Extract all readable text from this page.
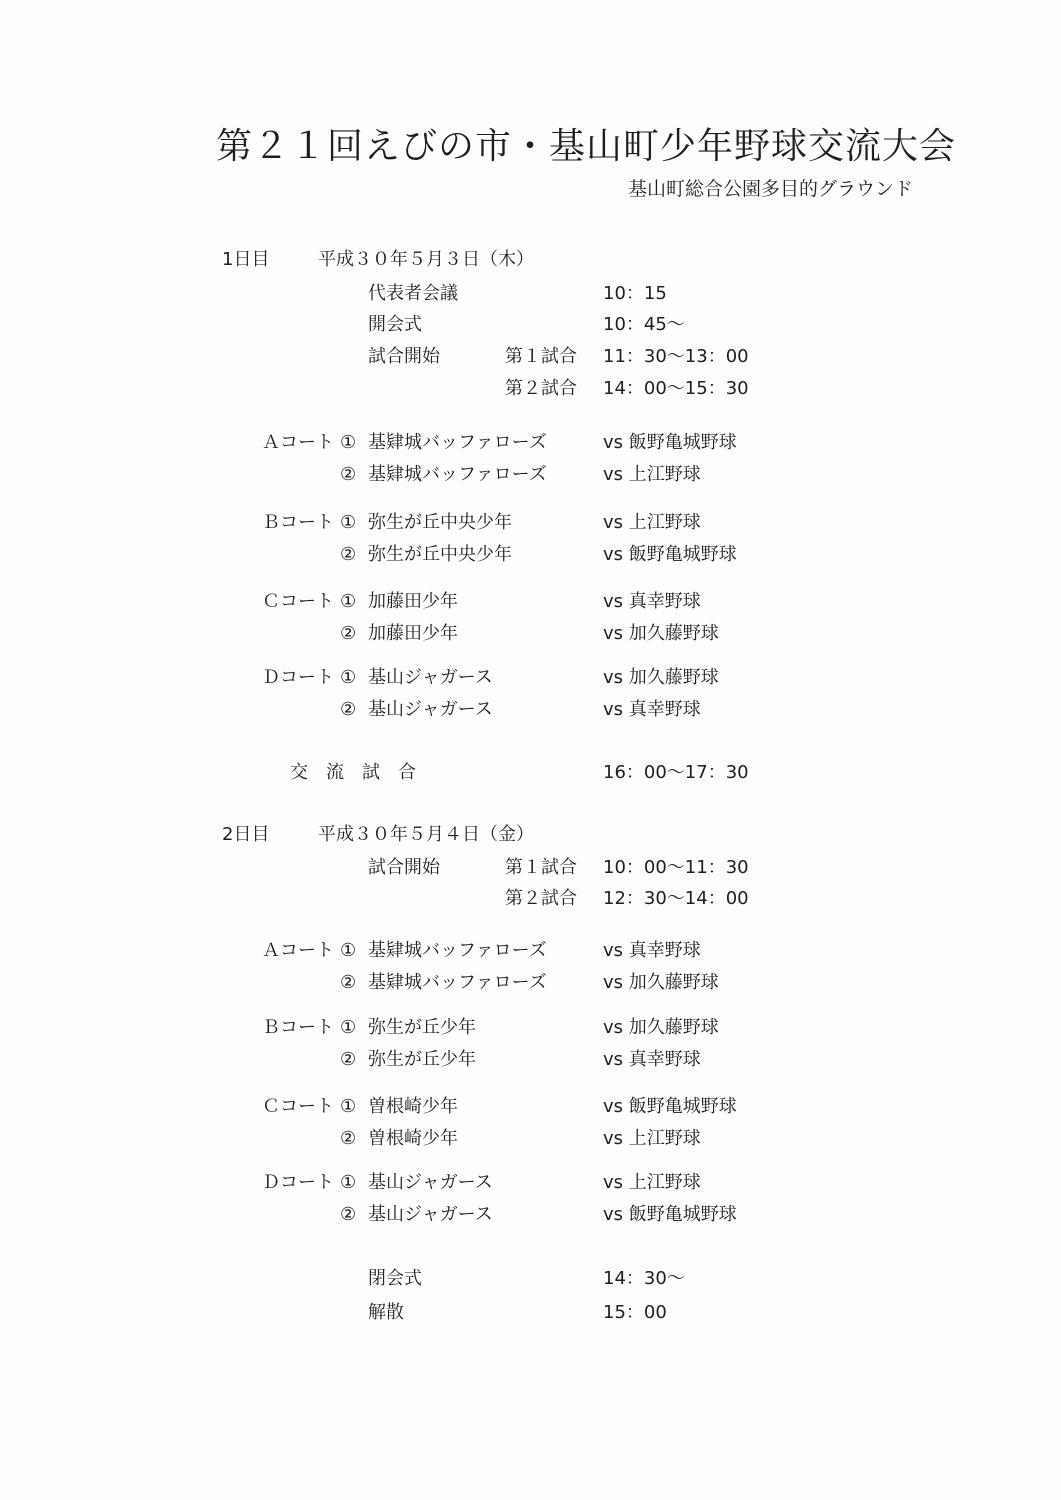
第２１回えびの市・基山町少年野球交流大会
基山町総合公園多目的グラウンド
1日目	平成３０年５月３日（木）
代表者会議	10：15
開会式	10：45～
試合開始	第１試合 11：30～13：00
第２試合 14：00～15：30
Ａコート ① 基肄城バッファローズ	vs 飯野亀城野球
② 基肄城バッファローズ	vs 上江野球
Ｂコート ① 弥生が丘中央少年	vs 上江野球
② 弥生が丘中央少年	vs 飯野亀城野球
Ｃコート ① 加藤田少年	vs 真幸野球
② 加藤田少年	vs 加久藤野球
Ｄコート ① 基山ジャガース	vs 加久藤野球
② 基山ジャガース	vs 真幸野球
交　流　試　合	16：00～17：30
2日目	平成３０年５月４日（金）
試合開始	第１試合 10：00～11：30
第２試合 12：30～14：00
Ａコート ① 基肄城バッファローズ	vs 真幸野球
② 基肄城バッファローズ	vs 加久藤野球
Ｂコート ① 弥生が丘少年	vs 加久藤野球
② 弥生が丘少年	vs 真幸野球
Ｃコート ① 曽根崎少年	vs 飯野亀城野球
② 曽根崎少年	vs 上江野球
Ｄコート ① 基山ジャガース	vs 上江野球
② 基山ジャガース	vs 飯野亀城野球
閉会式	14：30～
解散	15：00
